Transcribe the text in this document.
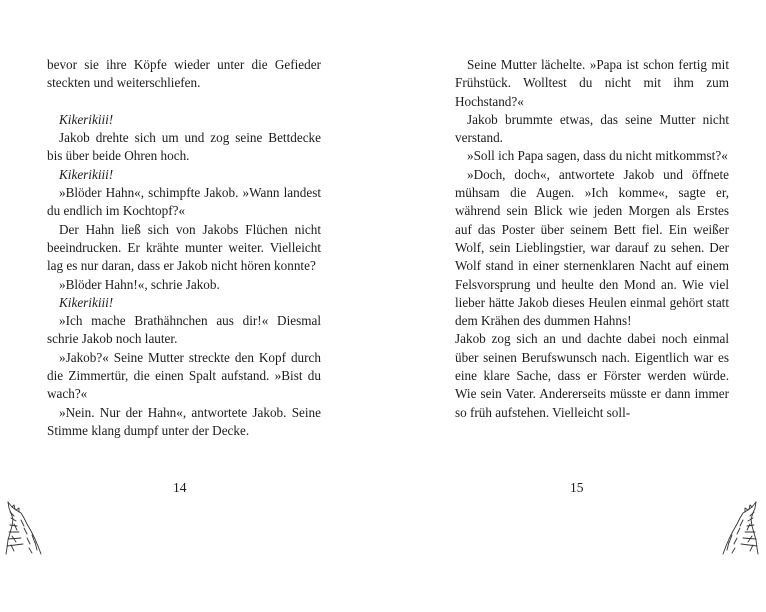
bevor sie ihre Köpfe wieder unter die Gefieder steckten und weiterschliefen.

Kikerikiii!

Jakob drehte sich um und zog seine Bettdecke bis über beide Ohren hoch.

Kikerikiii!

»Blöder Hahn«, schimpfte Jakob. »Wann landest du endlich im Kochtopf?«

Der Hahn ließ sich von Jakobs Flüchen nicht beeindrucken. Er krähte munter weiter. Vielleicht lag es nur daran, dass er Jakob nicht hören konnte?

»Blöder Hahn!«, schrie Jakob.

Kikerikiii!

»Ich mache Brathähnchen aus dir!« Diesmal schrie Jakob noch lauter.

»Jakob?« Seine Mutter streckte den Kopf durch die Zimmertür, die einen Spalt aufstand. »Bist du wach?«

»Nein. Nur der Hahn«, antwortete Jakob. Seine Stimme klang dumpf unter der Decke.

14

Seine Mutter lächelte. »Papa ist schon fertig mit Frühstück. Wolltest du nicht mit ihm zum Hochstand?«

Jakob brummte etwas, das seine Mutter nicht verstand.

»Soll ich Papa sagen, dass du nicht mitkommst?«

»Doch, doch«, antwortete Jakob und öffnete mühsam die Augen. »Ich komme«, sagte er, während sein Blick wie jeden Morgen als Erstes auf das Poster über seinem Bett fiel. Ein weißer Wolf, sein Lieblingstier, war darauf zu sehen. Der Wolf stand in einer sternenklaren Nacht auf einem Felsvorsprung und heulte den Mond an. Wie viel lieber hätte Jakob dieses Heulen einmal gehört statt dem Krähen des dummen Hahns!

Jakob zog sich an und dachte dabei noch einmal über seinen Berufswunsch nach. Eigentlich war es eine klare Sache, dass er Förster werden würde. Wie sein Vater. Andererseits müsste er dann immer so früh aufstehen. Vielleicht soll-

15
